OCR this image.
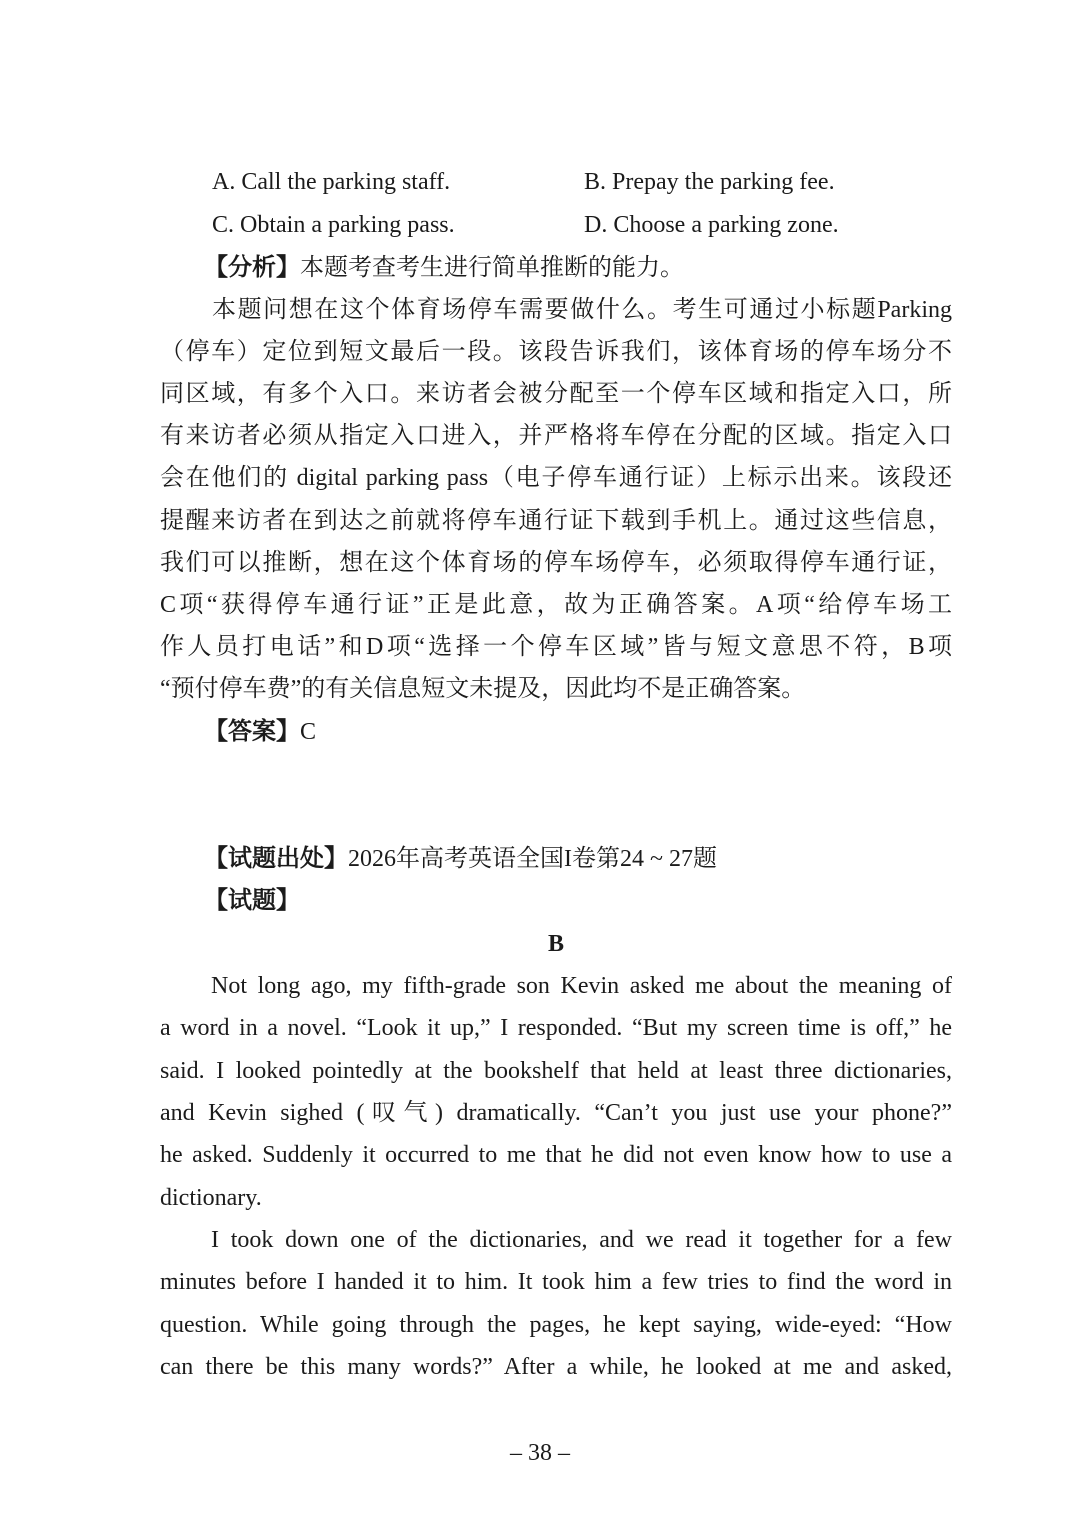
A. Call the parking staff.	B. Prepay the parking fee.
C. Obtain a parking pass.	D. Choose a parking zone.
【分析】本题考查考生进行简单推断的能力。
本题问想在这个体育场停车需要做什么。考生可通过小标题Parking
（停车）定位到短文最后一段。该段告诉我们，该体育场的停车场分不
同区域，有多个入口。来访者会被分配至一个停车区域和指定入口，所
有来访者必须从指定入口进入，并严格将车停在分配的区域。指定入口
会在他们的 digital parking pass（电子停车通行证）上标示出来。该段还
提醒来访者在到达之前就将停车通行证下载到手机上。通过这些信息，
我们可以推断，想在这个体育场的停车场停车，必须取得停车通行证，
C项“获得停车通行证”正是此意，故为正确答案。A项“给停车场工
作人员打电话”和D项“选择一个停车区域”皆与短文意思不符，B项
“预付停车费”的有关信息短文未提及，因此均不是正确答案。
【答案】C
【试题出处】2026年高考英语全国I卷第24 ~ 27题
【试题】
B
Not long ago, my fifth-grade son Kevin asked me about the meaning of
a word in a novel. “Look it up,” I responded. “But my screen time is off,” he
said. I looked pointedly at the bookshelf that held at least three dictionaries,
and Kevin sighed (叹气) dramatically. “Can’t you just use your phone?”
he asked. Suddenly it occurred to me that he did not even know how to use a
dictionary.
I took down one of the dictionaries, and we read it together for a few
minutes before I handed it to him. It took him a few tries to find the word in
question. While going through the pages, he kept saying, wide-eyed: “How
can there be this many words?” After a while, he looked at me and asked,
– 38 –
